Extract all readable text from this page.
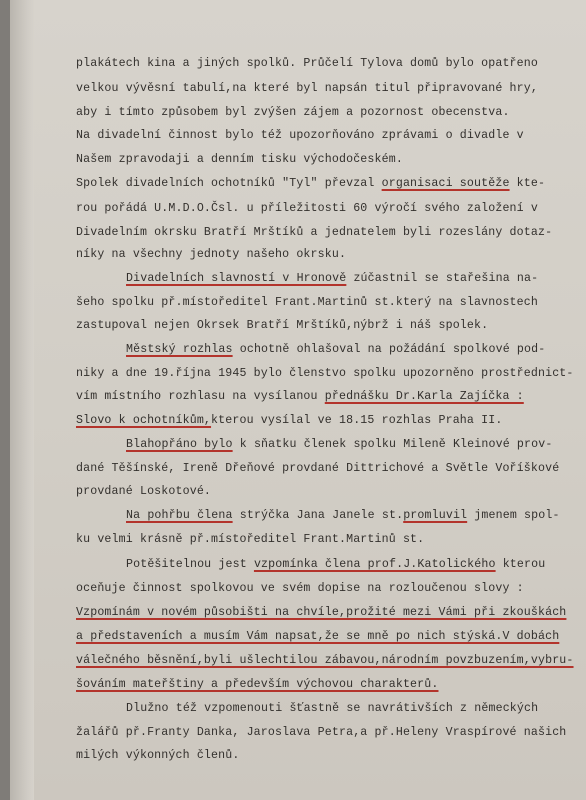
plakátech kina a jiných spolků. Průčelí Tylova domů bylo opatřeno
velkou vývěsní tabulí,na které byl napsán titul připravované hry,
aby i tímto způsobem byl zvýšen zájem a pozornost obecenstva.
Na divadelní činnost bylo též upozorňováno zprávami o divadle v
Našem zpravodaji a denním tisku východočeském.
Spolek divadelních ochotníků "Tyl" převzal organisaci soutěže kte-
rou pořádá U.M.D.O.Čsl. u příležitosti 60 výročí svého založení v
Divadelním okrsku Bratří Mrštíků a jednatelem byli rozeslány dotaz-
níky na všechny jednoty našeho okrsku.
Divadelních slavností v Hronově zúčastnil se stařešina na-
šeho spolku př.místoředitel Frant.Martinů st.který na slavnostech
zastupoval nejen Okrsek Bratří Mrštíků,nýbrž i náš spolek.
Městský rozhlas ochotně ohlašoval na požádání spolkové pod-
niky a dne 19.října 1945 bylo členstvo spolku upozorněno prostřednict-
vím místního rozhlasu na vysílanou přednášku Dr.Karla Zajíčka :
Slovo k ochotníkům,kterou vysílal ve 18.15 rozhlas Praha II.
Blahopřáno bylo k sňatku členek spolku Mileně Kleinové prov-
dané Těšínské, Ireně Dřeňové provdané Dittrichové a Světle Voříškové
provdané Loskotové.
Na pohřbu člena strýčka Jana Janele st.promluvil jmenem spol-
ku velmi krásně př.místoředitel Frant.Martinů st.
Potěšitelnou jest vzpomínka člena prof.J.Katolického kterou
oceňuje činnost spolkovou ve svém dopise na rozloučenou slovy :
Vzpomínám v novém působišti na chvíle,prožité mezi Vámi při zkouškách
a představeních a musím Vám napsat,že se mně po nich stýská.V dobách
válečného běsnění,byli ušlechtilou zábavou,národním povzbuzením,vybru-
šováním mateřštiny a především výchovou charakterů.
Dlužno též vzpomenouti šťastně se navrátivších z německých
žalářů př.Franty Danka, Jaroslava Petra,a př.Heleny Vraspírové našich
milých výkonných členů.
